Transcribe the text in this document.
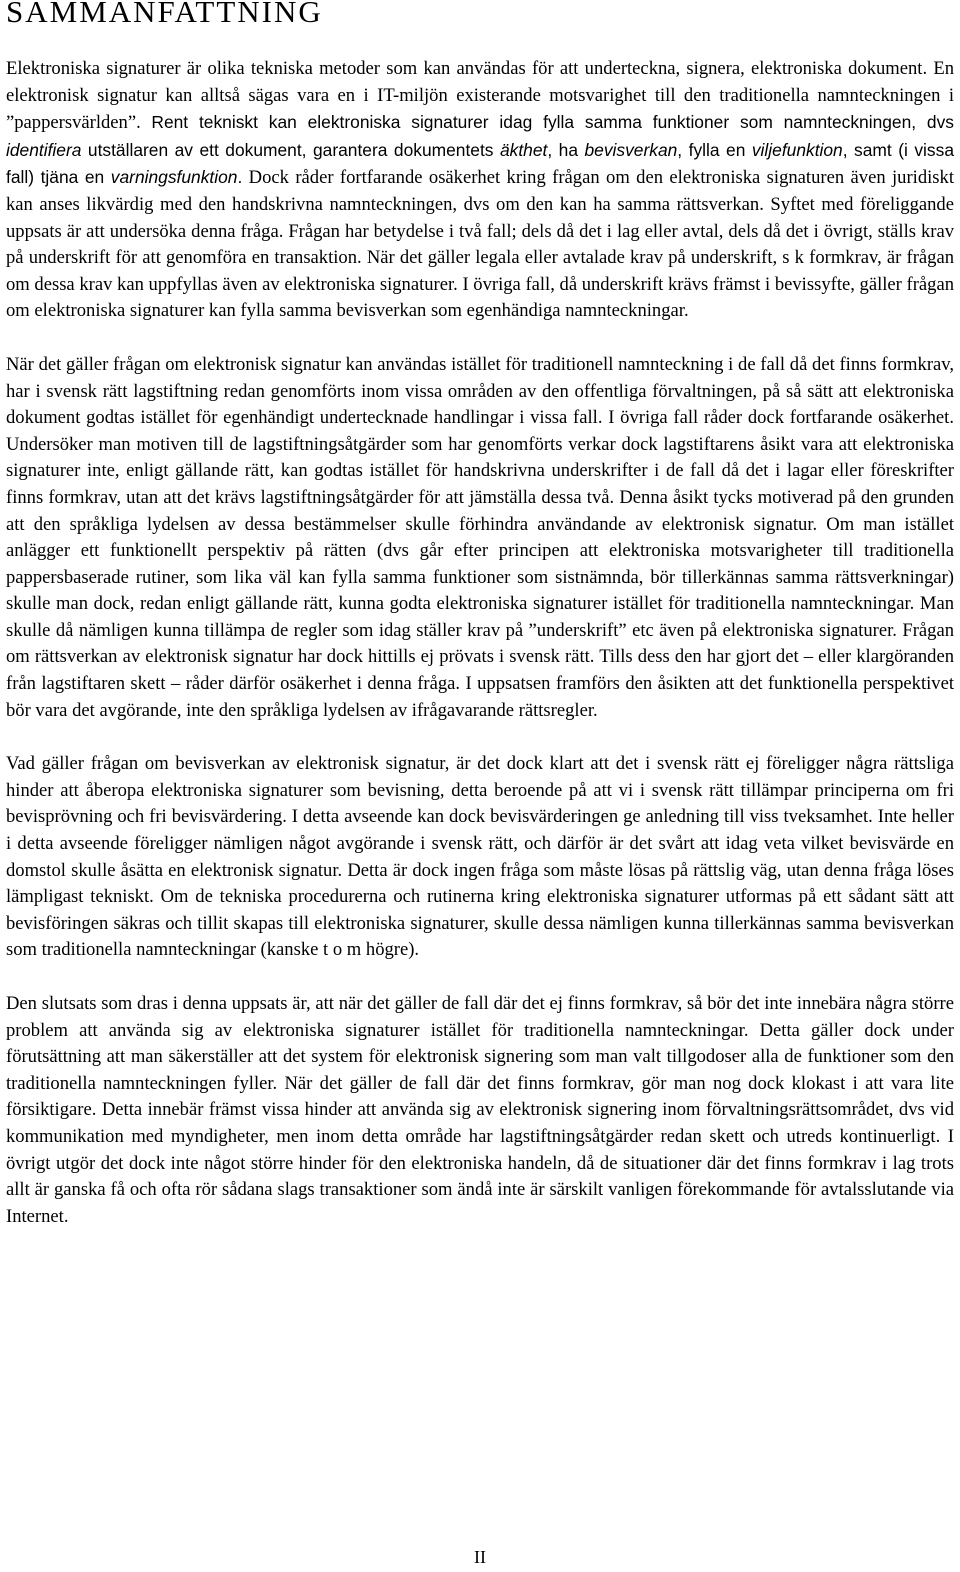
SAMMANFATTNING

Elektroniska signaturer är olika tekniska metoder som kan användas för att underteckna, signera, elektroniska dokument. En elektronisk signatur kan alltså sägas vara en i IT-miljön existerande motsvarighet till den traditionella namnteckningen i ”pappersvärlden”. Rent tekniskt kan elektroniska signaturer idag fylla samma funktioner som namnteckningen, dvs identifiera utställaren av ett dokument, garantera dokumentets äkthet, ha bevisverkan, fylla en viljefunktion, samt (i vissa fall) tjäna en varningsfunktion. Dock råder fortfarande osäkerhet kring frågan om den elektroniska signaturen även juridiskt kan anses likvärdig med den handskrivna namnteckningen, dvs om den kan ha samma rättsverkan. Syftet med föreliggande uppsats är att undersöka denna fråga. Frågan har betydelse i två fall; dels då det i lag eller avtal, dels då det i övrigt, ställs krav på underskrift för att genomföra en transaktion. När det gäller legala eller avtalade krav på underskrift, s k formkrav, är frågan om dessa krav kan uppfyllas även av elektroniska signaturer. I övriga fall, då underskrift krävs främst i bevissyfte, gäller frågan om elektroniska signaturer kan fylla samma bevisverkan som egenhändiga namnteckningar.

När det gäller frågan om elektronisk signatur kan användas istället för traditionell namnteckning i de fall då det finns formkrav, har i svensk rätt lagstiftning redan genomförts inom vissa områden av den offentliga förvaltningen, på så sätt att elektroniska dokument godtas istället för egenhändigt undertecknade handlingar i vissa fall. I övriga fall råder dock fortfarande osäkerhet. Undersöker man motiven till de lagstiftningsåtgärder som har genomförts verkar dock lagstiftarens åsikt vara att elektroniska signaturer inte, enligt gällande rätt, kan godtas istället för handskrivna underskrifter i de fall då det i lagar eller föreskrifter finns formkrav, utan att det krävs lagstiftningsåtgärder för att jämställa dessa två. Denna åsikt tycks motiverad på den grunden att den språkliga lydelsen av dessa bestämmelser skulle förhindra användande av elektronisk signatur. Om man istället anlägger ett funktionellt perspektiv på rätten (dvs går efter principen att elektroniska motsvarigheter till traditionella pappersbaserade rutiner, som lika väl kan fylla samma funktioner som sistnämnda, bör tillerkännas samma rättsverkningar) skulle man dock, redan enligt gällande rätt, kunna godta elektroniska signaturer istället för traditionella namnteckningar. Man skulle då nämligen kunna tillämpa de regler som idag ställer krav på ”underskrift” etc även på elektroniska signaturer. Frågan om rättsverkan av elektronisk signatur har dock hittills ej prövats i svensk rätt. Tills dess den har gjort det – eller klargöranden från lagstiftaren skett – råder därför osäkerhet i denna fråga. I uppsatsen framförs den åsikten att det funktionella perspektivet bör vara det avgörande, inte den språkliga lydelsen av ifrågavarande rättsregler.

Vad gäller frågan om bevisverkan av elektronisk signatur, är det dock klart att det i svensk rätt ej föreligger några rättsliga hinder att åberopa elektroniska signaturer som bevisning, detta beroende på att vi i svensk rätt tillämpar principerna om fri bevisprövning och fri bevisvärdering. I detta avseende kan dock bevisvärderingen ge anledning till viss tveksamhet. Inte heller i detta avseende föreligger nämligen något avgörande i svensk rätt, och därför är det svårt att idag veta vilket bevisvärde en domstol skulle åsätta en elektronisk signatur. Detta är dock ingen fråga som måste lösas på rättslig väg, utan denna fråga löses lämpligast tekniskt. Om de tekniska procedurerna och rutinerna kring elektroniska signaturer utformas på ett sådant sätt att bevisföringen säkras och tillit skapas till elektroniska signaturer, skulle dessa nämligen kunna tillerkännas samma bevisverkan som traditionella namnteckningar (kanske t o m högre).

Den slutsats som dras i denna uppsats är, att när det gäller de fall där det ej finns formkrav, så bör det inte innebära några större problem att använda sig av elektroniska signaturer istället för traditionella namnteckningar. Detta gäller dock under förutsättning att man säkerställer att det system för elektronisk signering som man valt tillgodoser alla de funktioner som den traditionella namnteckningen fyller. När det gäller de fall där det finns formkrav, gör man nog dock klokast i att vara lite försiktigare. Detta innebär främst vissa hinder att använda sig av elektronisk signering inom förvaltningsrättsområdet, dvs vid kommunikation med myndigheter, men inom detta område har lagstiftningsåtgärder redan skett och utreds kontinuerligt. I övrigt utgör det dock inte något större hinder för den elektroniska handeln, då de situationer där det finns formkrav i lag trots allt är ganska få och ofta rör sådana slags transaktioner som ändå inte är särskilt vanligen förekommande för avtalsslutande via Internet.

II
